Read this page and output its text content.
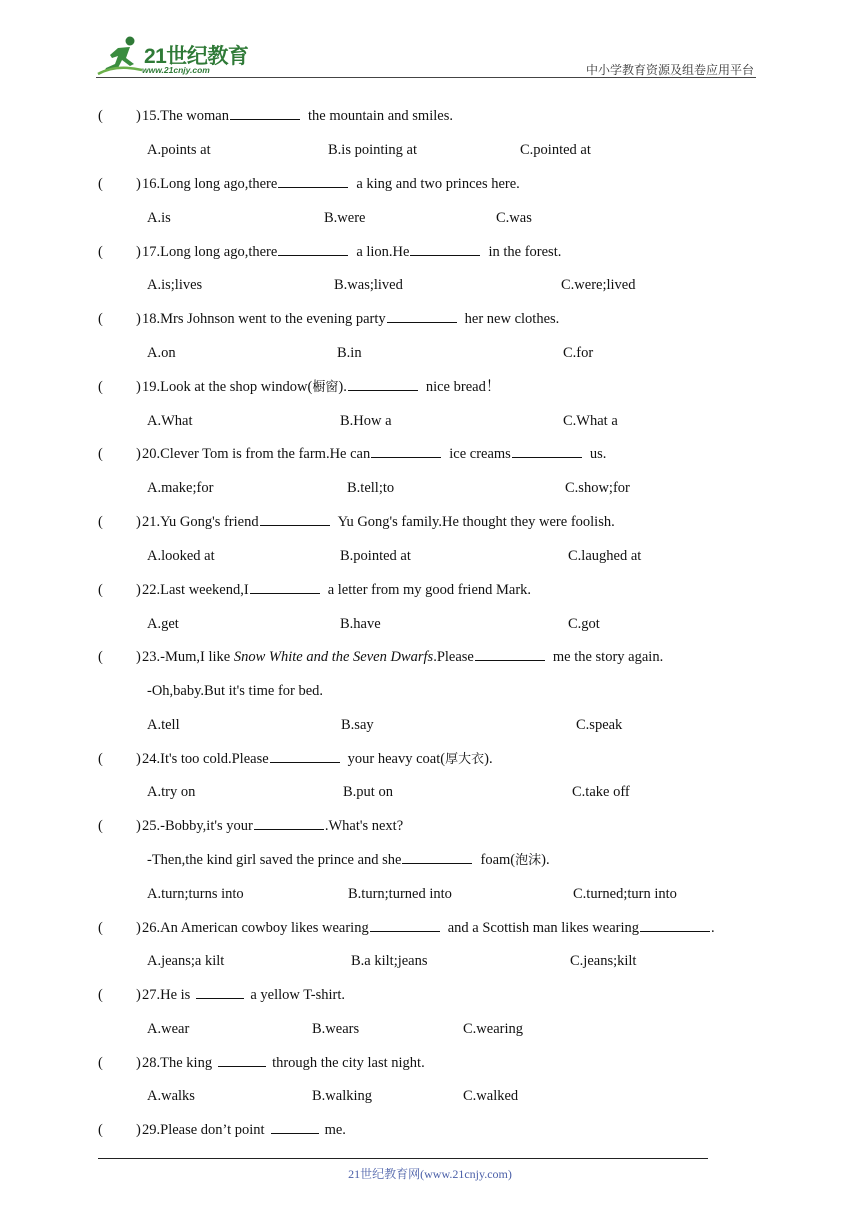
21世纪教育
www.21cnjy.com	中小学教育资源及组卷应用平台
( ) 15.The woman	the mountain and smiles.
A.points at	B.is pointing at	C.pointed at
( ) 16.Long long ago,there	a king and two princes here.
A.is	B.were	C.was
( ) 17.Long long ago,there	a lion.He	in the forest.
A.is;lives	B.was;lived	C.were;lived
( ) 18.Mrs Johnson went to the evening party	her new clothes.
A.on	B.in	C.for
( ) 19.Look at the shop window(橱窗).	nice bread！
A.What	B.How a	C.What a
( ) 20.Clever Tom is from the farm.He can	ice creams	us.
A.make;for	B.tell;to	C.show;for
( ) 21.Yu Gong's friend	Yu Gong's family.He thought they were foolish.
A.looked at	B.pointed at	C.laughed at
( ) 22.Last weekend,I	a letter from my good friend Mark.
A.get	B.have	C.got
( ) 23.-Mum,I like Snow White and the Seven Dwarfs.Please	me the story again.
-Oh,baby.But it's time for bed.
A.tell	B.say	C.speak
( ) 24.It's too cold.Please	your heavy coat(厚大衣).
A.try on	B.put on	C.take off
( ) 25.-Bobby,it's your	.What's next?
-Then,the kind girl saved the prince and she	foam(泡沫).
A.turn;turns into	B.turn;turned into	C.turned;turn into
( ) 26.An American cowboy likes wearing	and a Scottish man likes wearing	.
A.jeans;a kilt	B.a kilt;jeans	C.jeans;kilt
( ) 27.He is	a yellow T-shirt.
A.wear	B.wears	C.wearing
( ) 28.The king	through the city last night.
A.walks	B.walking	C.walked
( ) 29.Please don’t point	me.
21世纪教育网(www.21cnjy.com)
